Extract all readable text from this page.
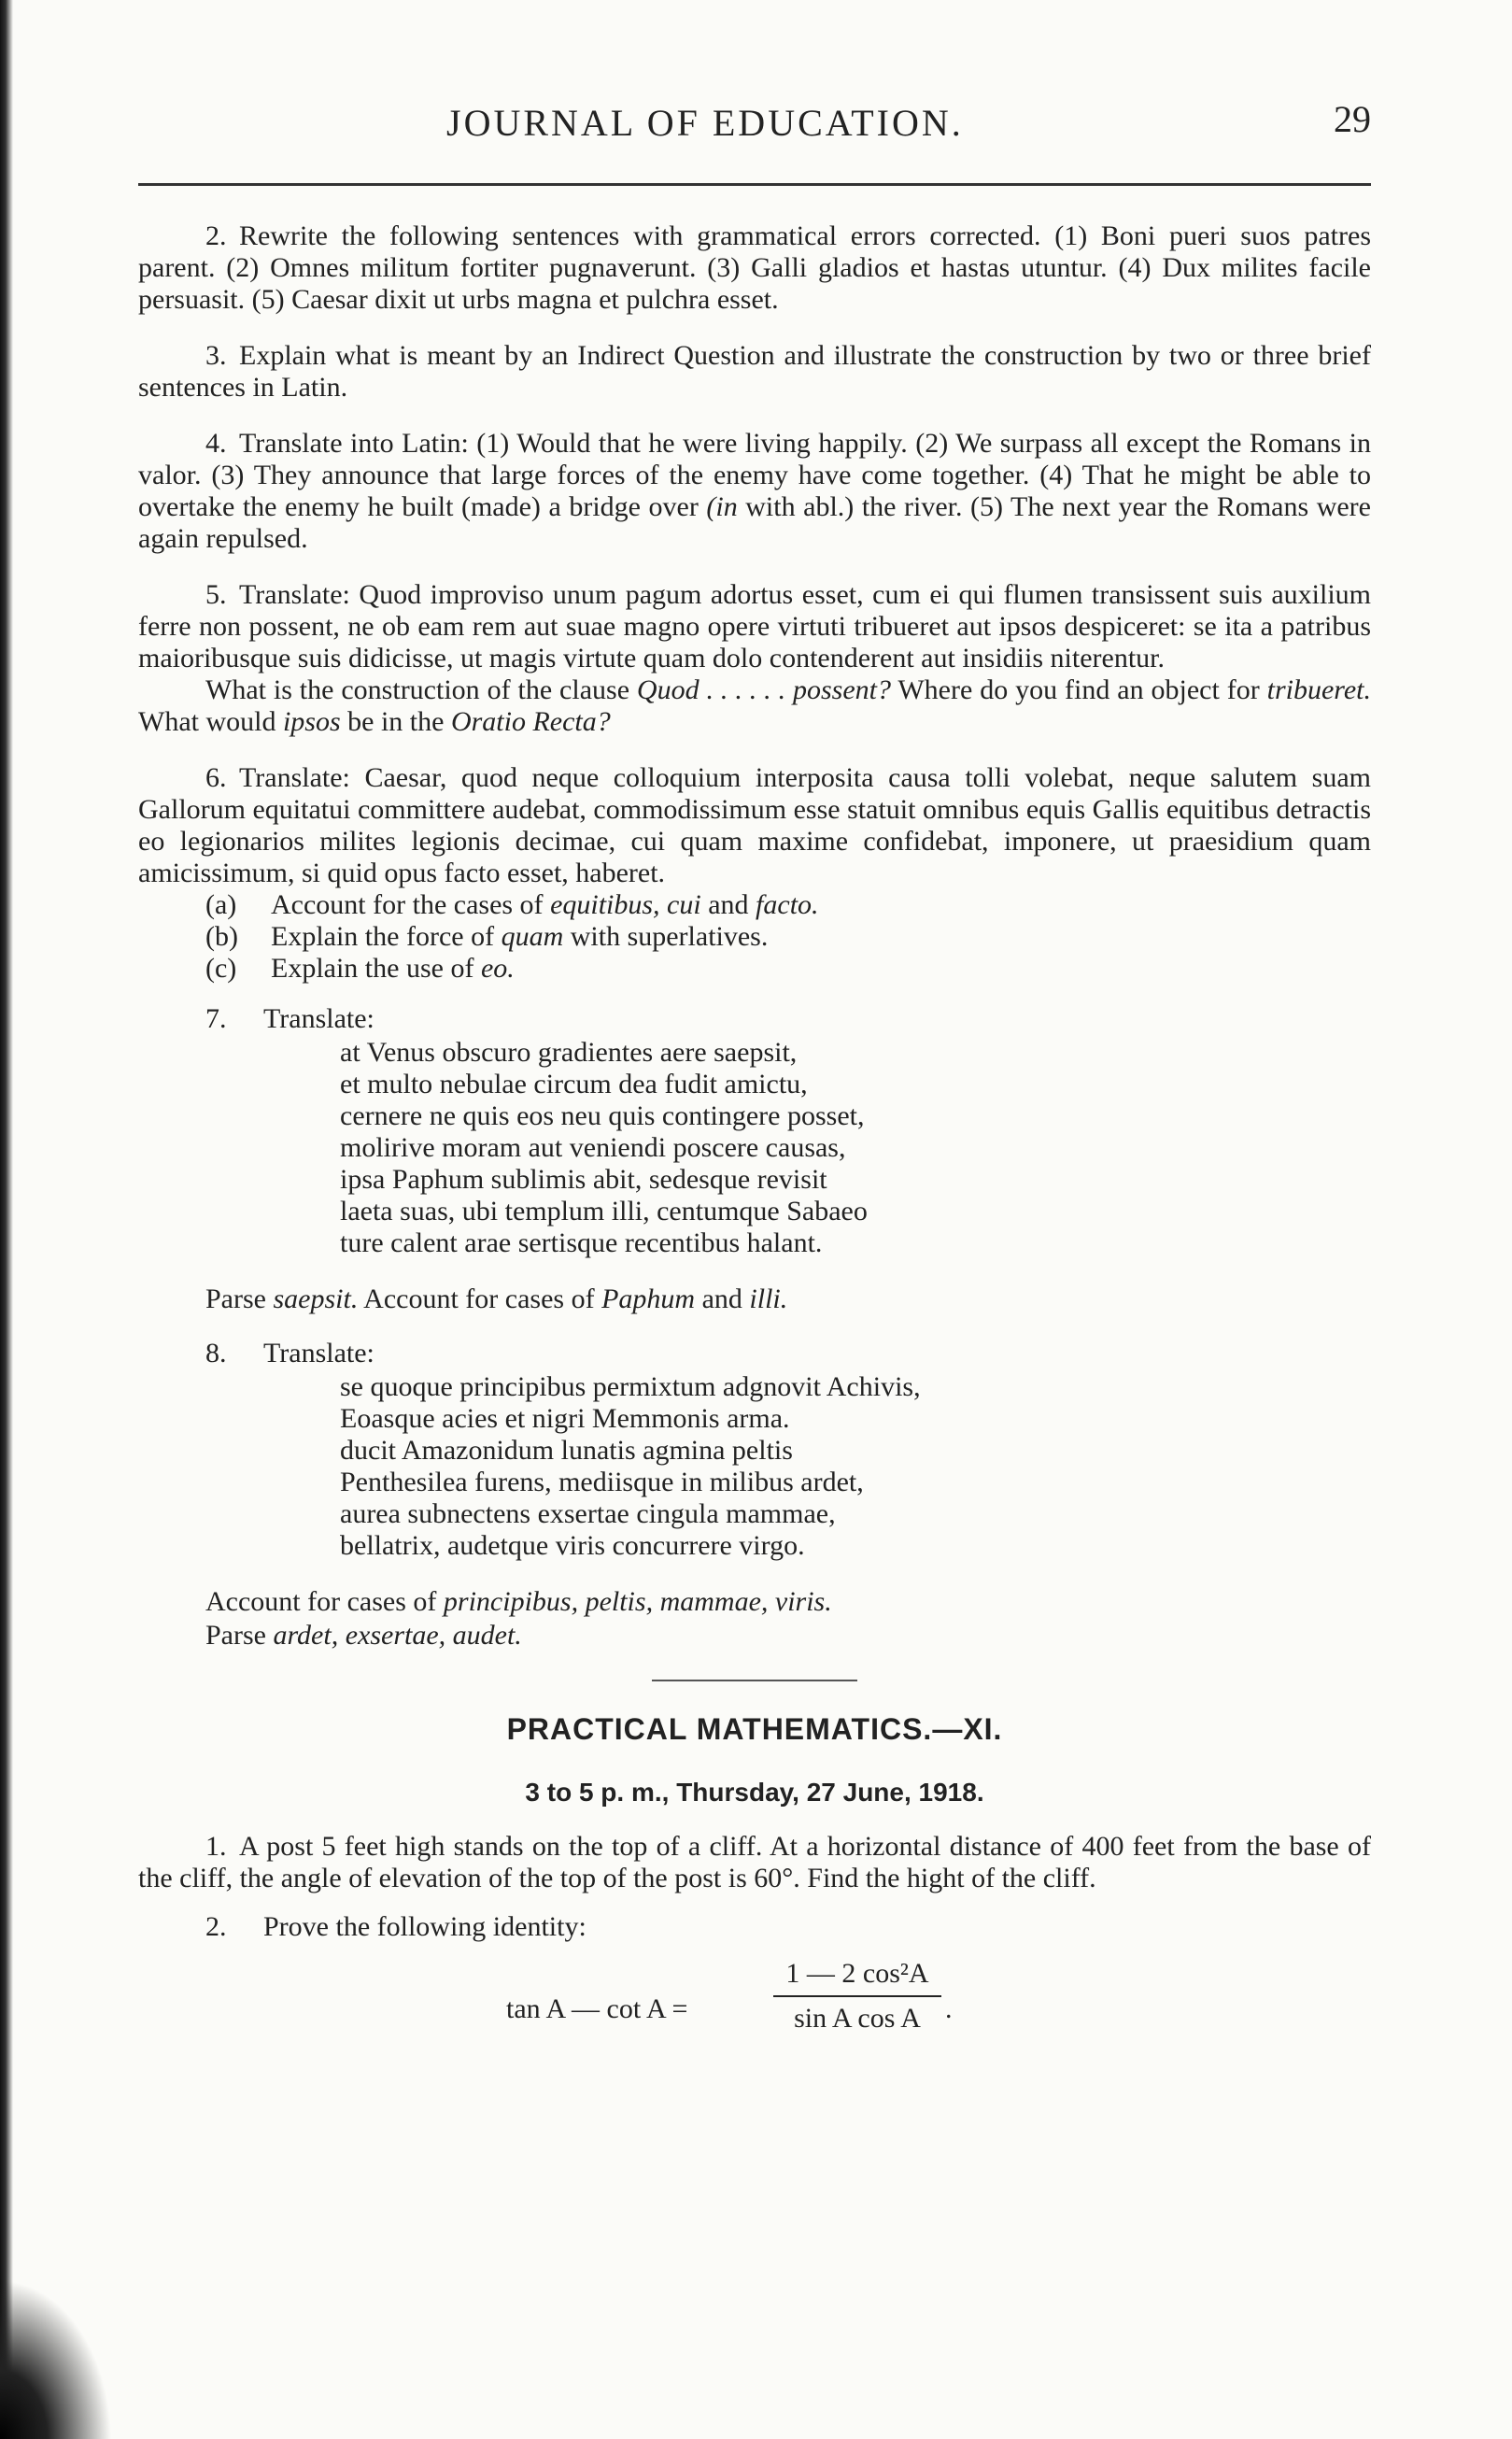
JOURNAL OF EDUCATION.	29
2. Rewrite the following sentences with grammatical errors corrected. (1) Boni pueri suos patres parent. (2) Omnes militum fortiter pugnaverunt. (3) Galli gladios et hastas utuntur. (4) Dux milites facile persuasit. (5) Caesar dixit ut urbs magna et pulchra esset.
3. Explain what is meant by an Indirect Question and illustrate the construction by two or three brief sentences in Latin.
4. Translate into Latin: (1) Would that he were living happily. (2) We surpass all except the Romans in valor. (3) They announce that large forces of the enemy have come together. (4) That he might be able to overtake the enemy he built (made) a bridge over (in with abl.) the river. (5) The next year the Romans were again repulsed.
5. Translate: Quod improviso unum pagum adortus esset, cum ei qui flumen transissent suis auxilium ferre non possent, ne ob eam rem aut suae magno opere virtuti tribueret aut ipsos despiceret: se ita a patribus maioribusque suis didicisse, ut magis virtute quam dolo contenderent aut insidiis niterentur.

What is the construction of the clause Quod . . . . . . possent? Where do you find an object for tribueret. What would ipsos be in the Oratio Recta?

6. Translate: Caesar, quod neque colloquium interposita causa tolli volebat, neque salutem suam Gallorum equitatui committere audebat, commodissimum esse statuit omnibus equis Gallis equitibus detractis eo legionarios milites legionis decimae, cui quam maxime confidebat, imponere, ut praesidium quam amicissimum, si quid opus facto esset, haberet.
(a) Account for the cases of equitibus, cui and facto.
(b) Explain the force of quam with superlatives.
(c) Explain the use of eo.
7. Translate:
at Venus obscuro gradientes aere saepsit,
et multo nebulae circum dea fudit amictu,
cernere ne quis eos neu quis contingere posset,
molirive moram aut veniendi poscere causas,
ipsa Paphum sublimis abit, sedesque revisit
laeta suas, ubi templum illi, centumque Sabaeo
ture calent arae sertisque recentibus halant.
Parse saepsit. Account for cases of Paphum and illi.
8. Translate:
se quoque principibus permixtum adgnovit Achivis,
Eoasque acies et nigri Memmonis arma.
ducit Amazonidum lunatis agmina peltis
Penthesilea furens, mediisque in milibus ardet,
aurea subnectens exsertae cingula mammae,
bellatrix, audetque viris concurrere virgo.
Account for cases of principibus, peltis, mammae, viris.
Parse ardet, exsertae, audet.
PRACTICAL MATHEMATICS.—XI.
3 to 5 p. m., Thursday, 27 June, 1918.
1. A post 5 feet high stands on the top of a cliff. At a horizontal distance of 400 feet from the base of the cliff, the angle of elevation of the top of the post is 60°. Find the hight of the cliff.
2. Prove the following identity:
tan A — cot A =	$\frac{\text{1 — 2 cos²A}}{\text{sin A cos A}}$ .
